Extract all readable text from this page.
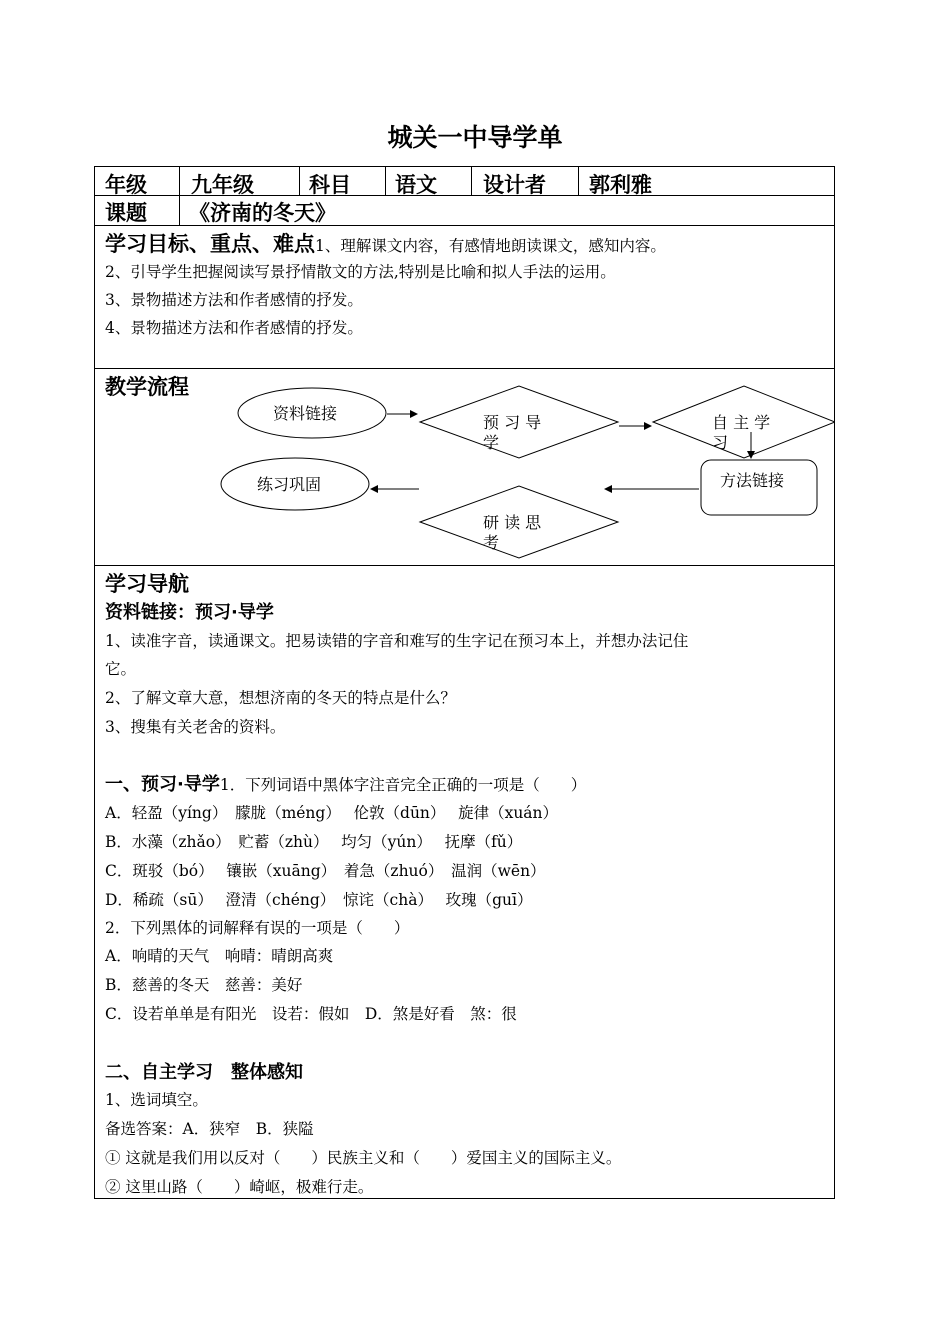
城关一中导学单
年级 九年级	科目 语文 设计者 郭利雅
课题 《济南的冬天》
学习目标、重点、难点1、理解课文内容，有感情地朗读课文，感知内容。
2、引导学生把握阅读写景抒情散文的方法,特别是比喻和拟人手法的运用。
3、景物描述方法和作者感情的抒发。
4、景物描述方法和作者感情的抒发。
教学流程
资料链接	预 习 导
学
自 主 学
习
方法链接
研 读 思
考
练习巩固
学习导航
资料链接：预习·导学
1、读准字音，读通课文。把易读错的字音和难写的生字记在预习本上，并想办法记住
它。
2、了解文章大意，想想济南的冬天的特点是什么？
3、搜集有关老舍的资料。
一、预习·导学1．下列词语中黑体字注音完全正确的一项是（　　）
A．轻盈（yíng）　朦胧（méng）　 伦敦（dūn）　 旋律（xuán）
B．水藻（zhǎo）　贮蓄（zhù）　 均匀（yún）　 抚摩（fǔ）
C．斑驳（bó）　 镶嵌（xuāng）　着急（zhuó）　温润（wēn）
D．稀疏（sū）　 澄清（chéng）　惊诧（chà）　 玫瑰（guī）
2．下列黑体的词解释有误的一项是（　　）
A．响晴的天气　响晴：晴朗高爽
B．慈善的冬天　慈善：美好
C．设若单单是有阳光　设若：假如　D．煞是好看　煞：很
二、自主学习　整体感知
1、选词填空。
备选答案：A．狭窄　B．狭隘
① 这就是我们用以反对（　　）民族主义和（　　）爱国主义的国际主义。
② 这里山路（　　）崎岖，极难行走。
